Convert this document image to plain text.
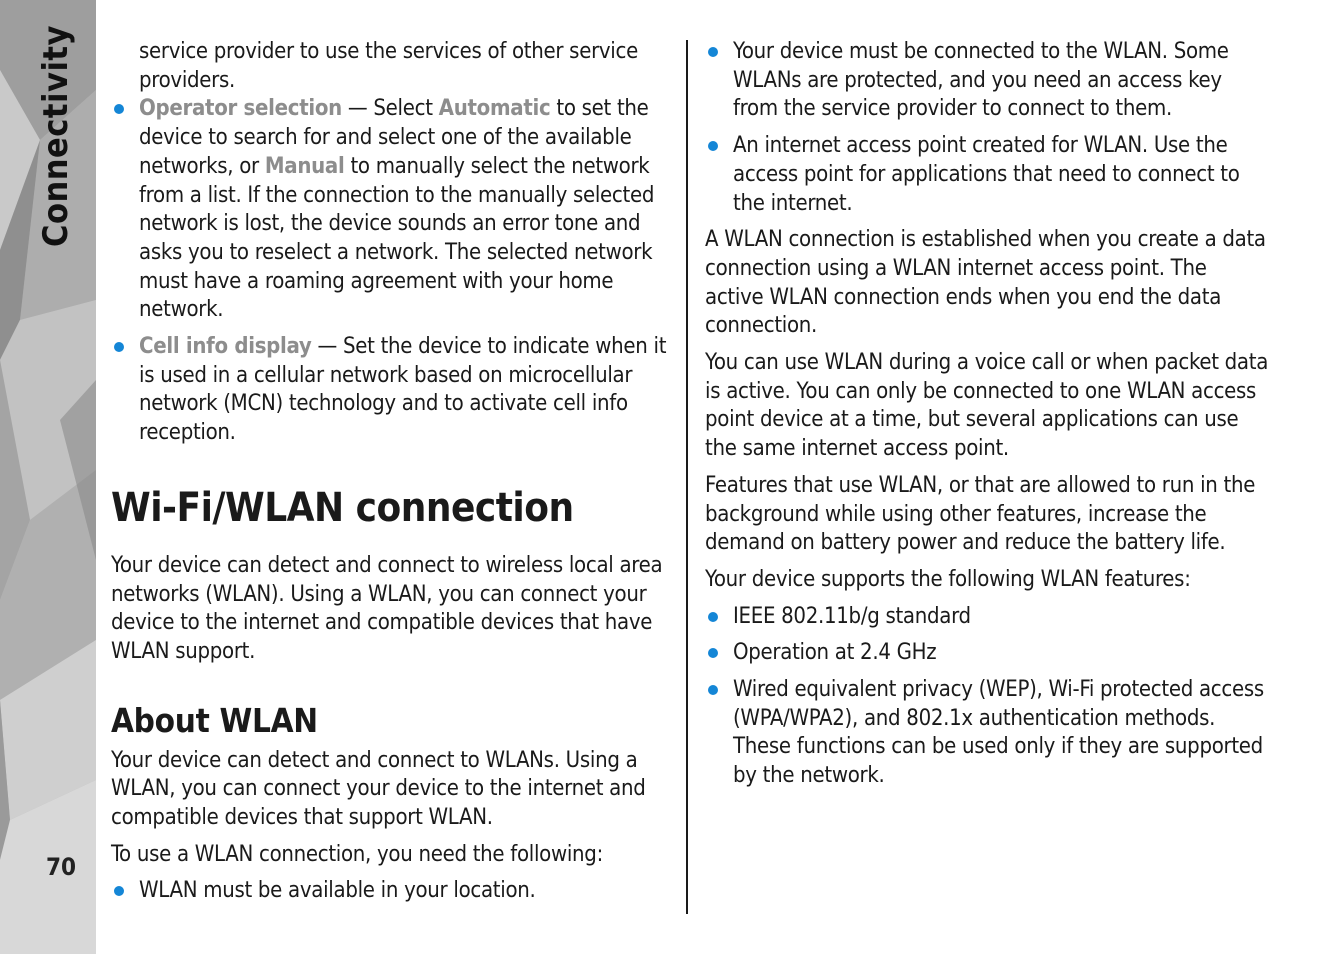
Connectivity
70

service provider to use the services of other service providers.

Operator selection — Select Automatic to set the device to search for and select one of the available networks, or Manual to manually select the network from a list. If the connection to the manually selected network is lost, the device sounds an error tone and asks you to reselect a network. The selected network must have a roaming agreement with your home network.
Cell info display — Set the device to indicate when it is used in a cellular network based on microcellular network (MCN) technology and to activate cell info reception.
Wi-Fi/WLAN connection

Your device can detect and connect to wireless local area networks (WLAN). Using a WLAN, you can connect your device to the internet and compatible devices that have WLAN support.

About WLAN

Your device can detect and connect to WLANs. Using a WLAN, you can connect your device to the internet and compatible devices that support WLAN.

To use a WLAN connection, you need the following:

WLAN must be available in your location.
Your device must be connected to the WLAN. Some WLANs are protected, and you need an access key from the service provider to connect to them.
An internet access point created for WLAN. Use the access point for applications that need to connect to the internet.

A WLAN connection is established when you create a data connection using a WLAN internet access point. The active WLAN connection ends when you end the data connection.

You can use WLAN during a voice call or when packet data is active. You can only be connected to one WLAN access point device at a time, but several applications can use the same internet access point.

Features that use WLAN, or that are allowed to run in the background while using other features, increase the demand on battery power and reduce the battery life.

Your device supports the following WLAN features:

IEEE 802.11b/g standard
Operation at 2.4 GHz
Wired equivalent privacy (WEP), Wi-Fi protected access (WPA/WPA2), and 802.1x authentication methods. These functions can be used only if they are supported by the network.
